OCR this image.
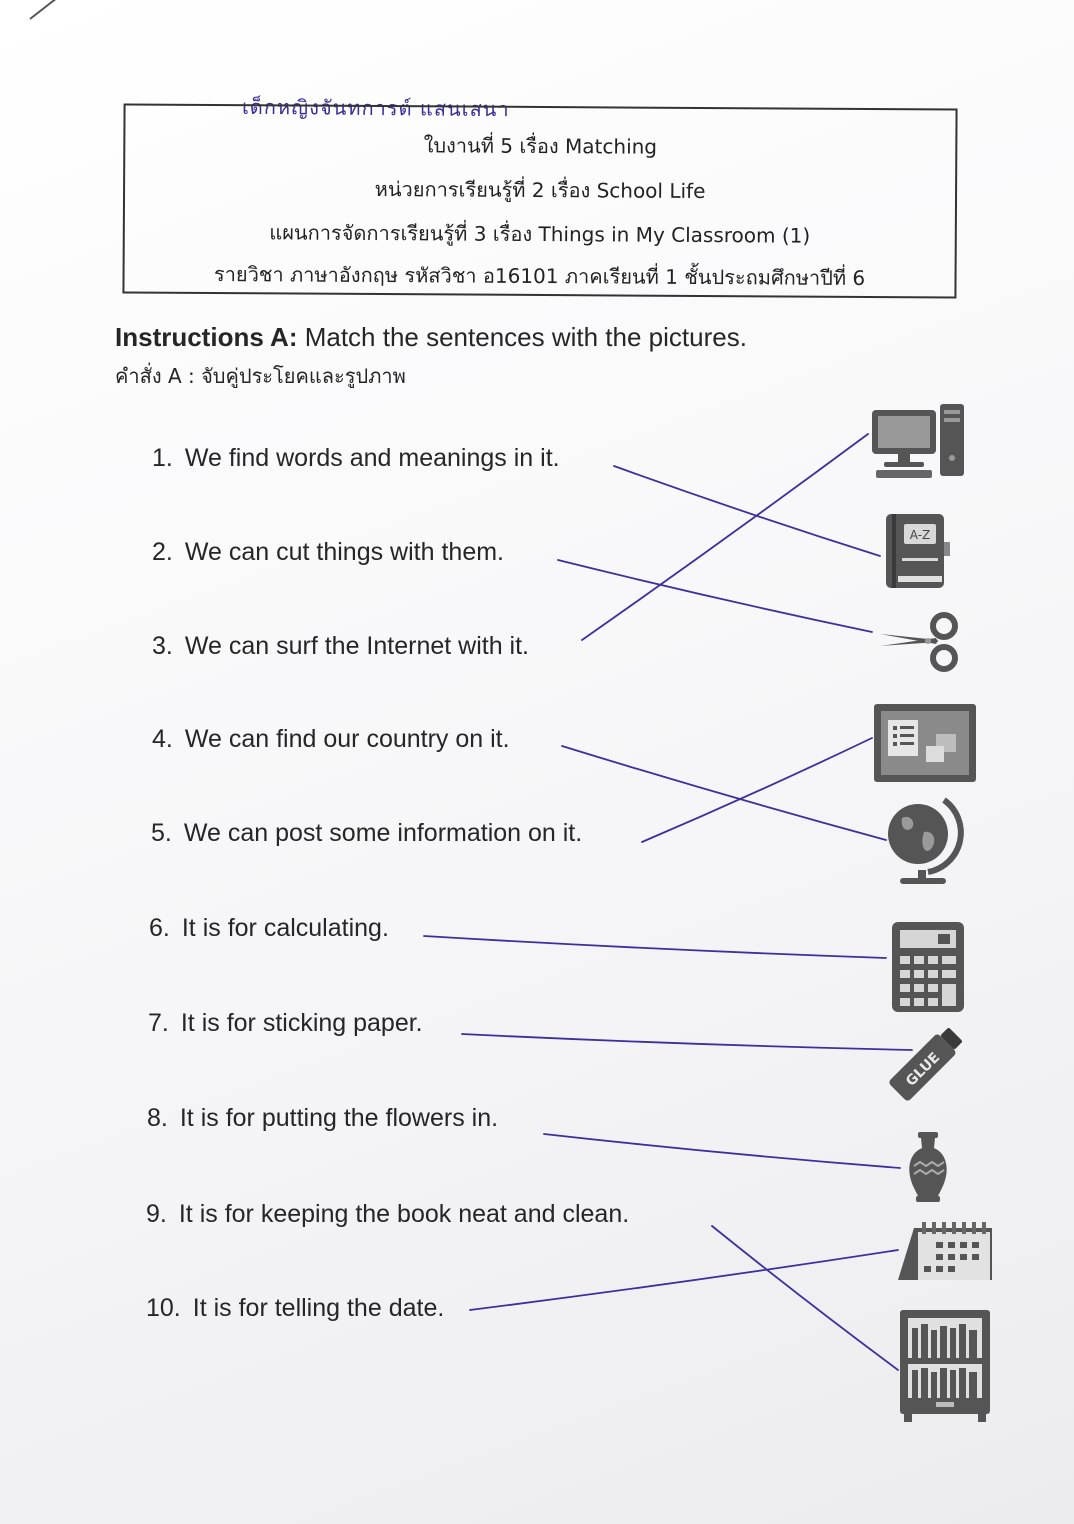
เด็กหญิงจันทการต์ แสนเสนา
ใบงานที่ 5 เรื่อง Matching
หน่วยการเรียนรู้ที่ 2 เรื่อง School Life
แผนการจัดการเรียนรู้ที่ 3 เรื่อง Things in My Classroom (1)
รายวิชา ภาษาอังกฤษ รหัสวิชา อ16101 ภาคเรียนที่ 1 ชั้นประถมศึกษาปีที่ 6
Instructions A: Match the sentences with the pictures.
คำสั่ง A : จับคู่ประโยคและรูปภาพ
1. We find words and meanings in it.
2. We can cut things with them.
3. We can surf the Internet with it.
4. We can find our country on it.
5. We can post some information on it.
6. It is for calculating.
7. It is for sticking paper.
8. It is for putting the flowers in.
9. It is for keeping the book neat and clean.
10. It is for telling the date.
A-Z
GLUE
